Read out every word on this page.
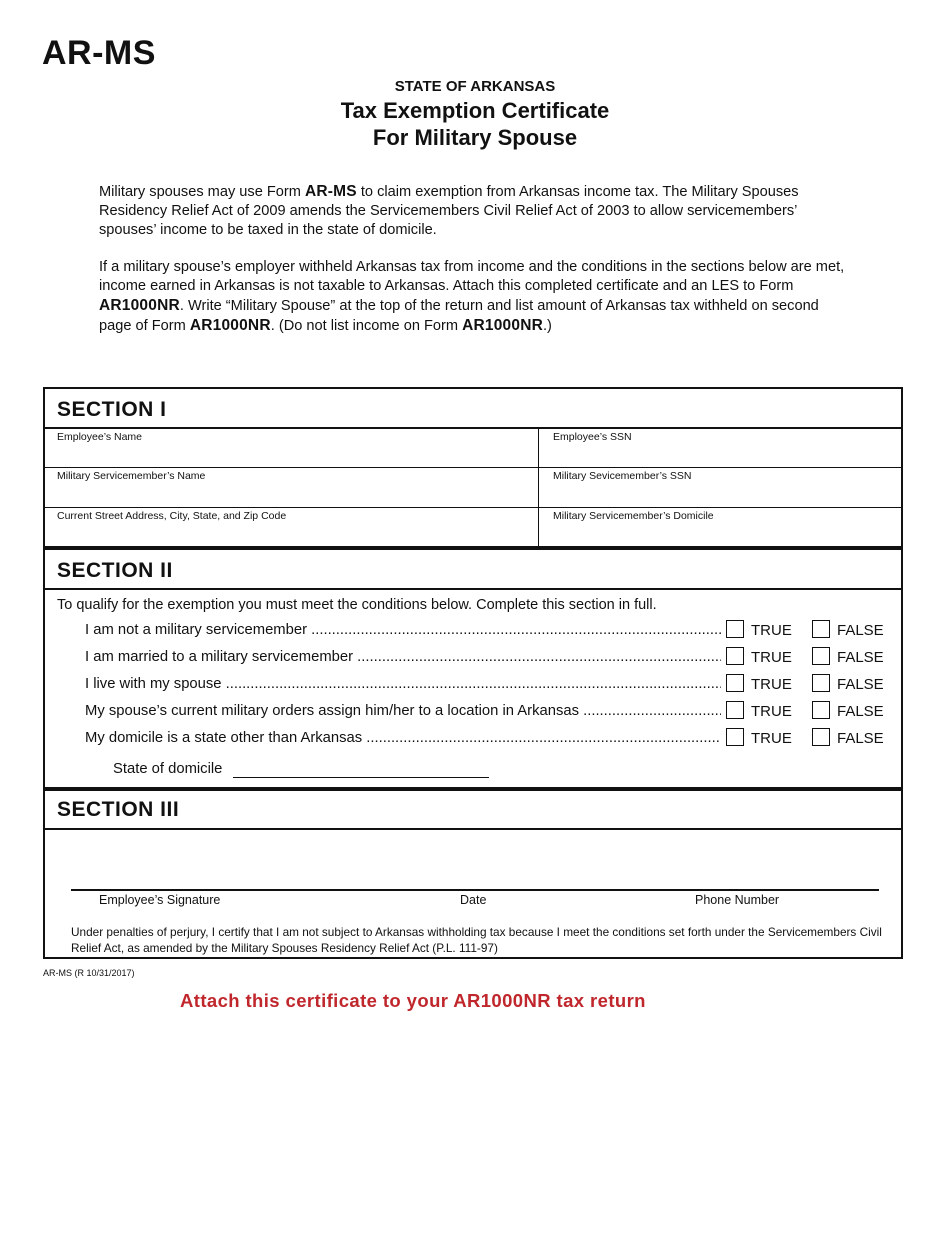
AR-MS
STATE OF ARKANSAS
Tax Exemption Certificate
For Military Spouse

Military spouses may use Form AR-MS to claim exemption from Arkansas income tax. The Military Spouses Residency Relief Act of 2009 amends the Servicemembers Civil Relief Act of 2003 to allow servicemembers’ spouses’ income to be taxed in the state of domicile.

If a military spouse’s employer withheld Arkansas tax from income and the conditions in the sections below are met, income earned in Arkansas is not taxable to Arkansas. Attach this completed certificate and an LES to Form AR1000NR. Write “Military Spouse” at the top of the return and list amount of Arkansas tax withheld on second page of Form AR1000NR. (Do not list income on Form AR1000NR.)

SECTION I
Employee’s Name	Employee’s SSN
Military Servicemember’s Name	Military Sevicemember’s SSN
Current Street Address, City, State, and Zip Code	Military Servicemember’s Domicile
SECTION II
To qualify for the exemption you must meet the conditions below. Complete this section in full.
I am not a military servicemember .....	TRUE	FALSE
I am married to a military servicemember .....	TRUE	FALSE
I live with my spouse .....	TRUE	FALSE
My spouse’s current military orders assign him/her to a location in Arkansas .....	TRUE	FALSE
My domicile is a state other than Arkansas .....	TRUE	FALSE
State of domicile
SECTION III
Employee’s Signature	Date	Phone Number
Under penalties of perjury, I certify that I am not subject to Arkansas withholding tax because I meet the conditions set forth under the Servicemembers Civil Relief Act, as amended by the Military Spouses Residency Relief Act (P.L. 111-97)
AR-MS (R 10/31/2017)
Attach this certificate to your AR1000NR tax return
